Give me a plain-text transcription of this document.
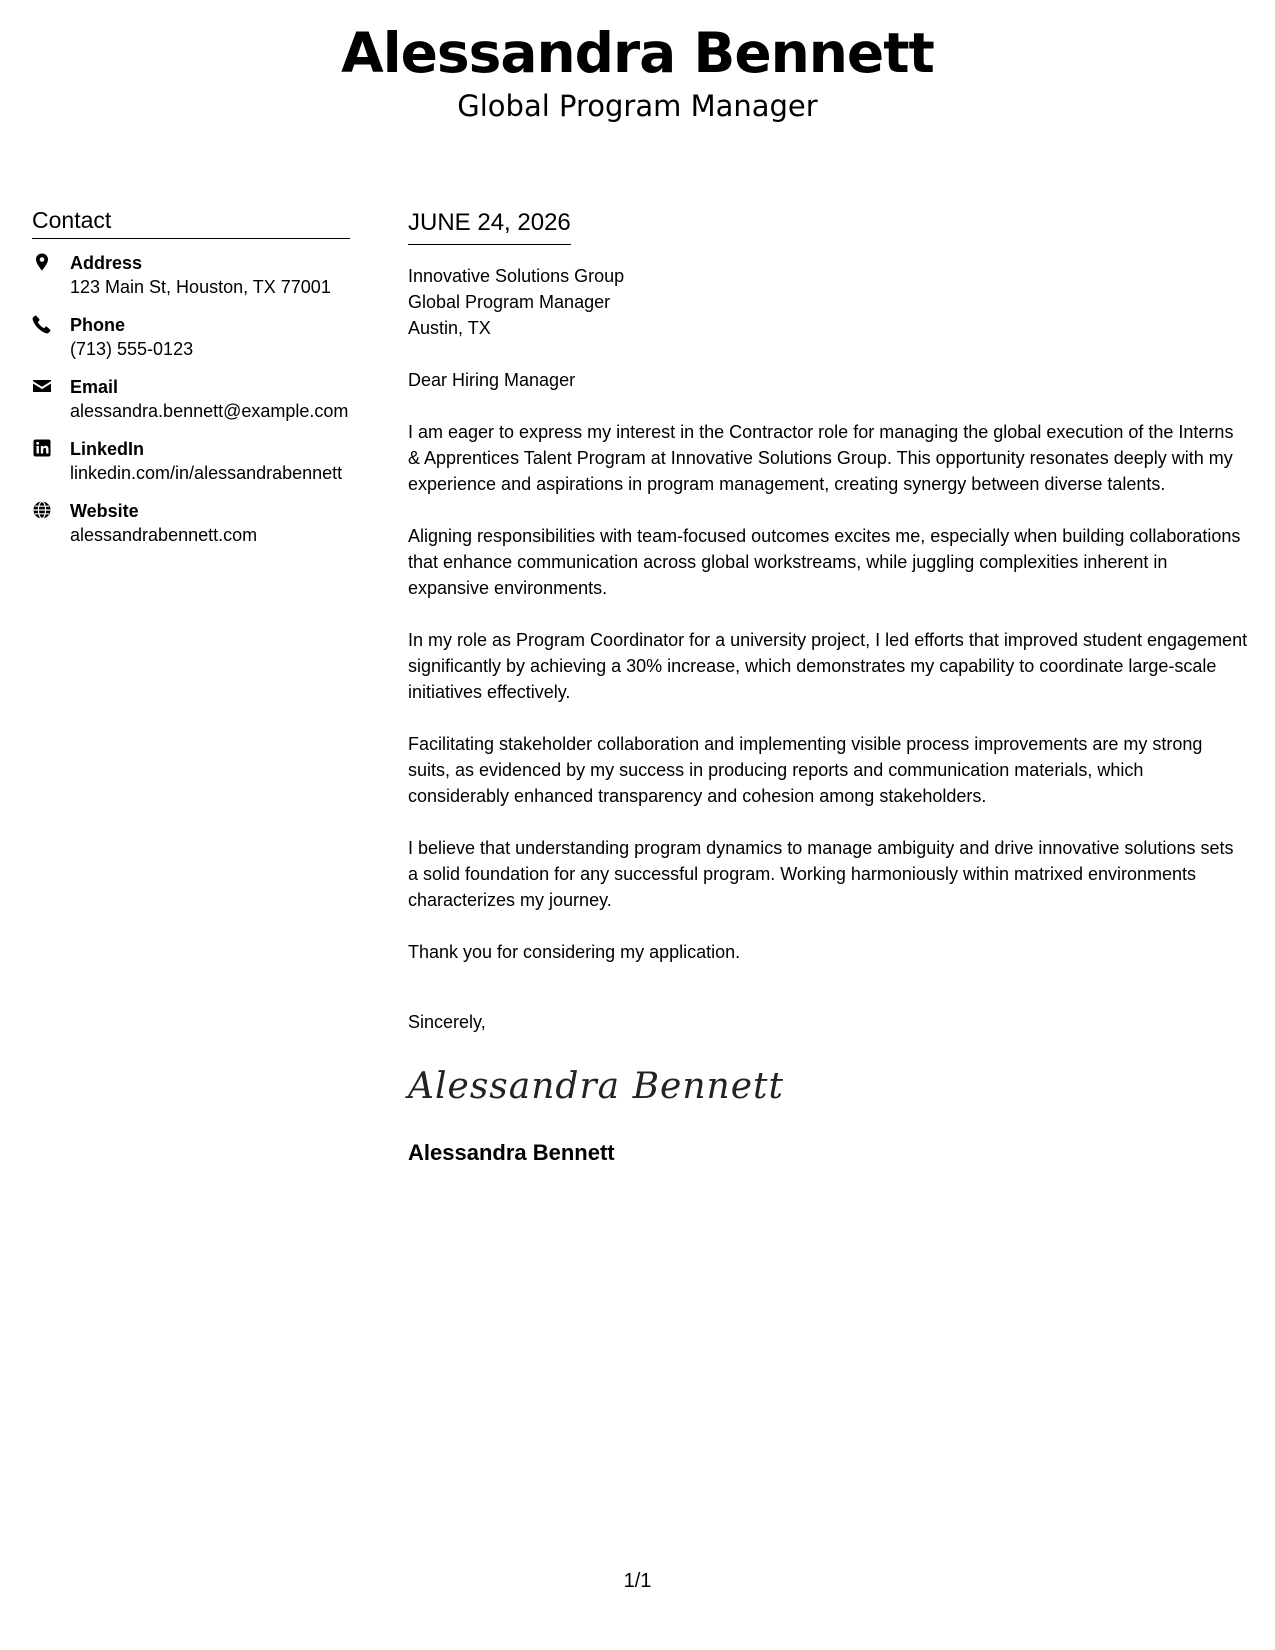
Alessandra Bennett
Global Program Manager
Contact
Address
123 Main St, Houston, TX 77001
Phone
(713) 555-0123
Email
alessandra.bennett@example.com
LinkedIn
linkedin.com/in/alessandrabennett
Website
alessandrabennett.com
JUNE 24, 2026
Innovative Solutions Group
Global Program Manager
Austin, TX

Dear Hiring Manager

I am eager to express my interest in the Contractor role for managing the global execution of the Interns & Apprentices Talent Program at Innovative Solutions Group. This opportunity resonates deeply with my experience and aspirations in program management, creating synergy between diverse talents.

Aligning responsibilities with team-focused outcomes excites me, especially when building collaborations that enhance communication across global workstreams, while juggling complexities inherent in expansive environments.

In my role as Program Coordinator for a university project, I led efforts that improved student engagement significantly by achieving a 30% increase, which demonstrates my capability to coordinate large-scale initiatives effectively.

Facilitating stakeholder collaboration and implementing visible process improvements are my strong suits, as evidenced by my success in producing reports and communication materials, which considerably enhanced transparency and cohesion among stakeholders.

I believe that understanding program dynamics to manage ambiguity and drive innovative solutions sets a solid foundation for any successful program. Working harmoniously within matrixed environments characterizes my journey.

Thank you for considering my application.

Sincerely,

Alessandra Bennett
Alessandra Bennett
1/1
